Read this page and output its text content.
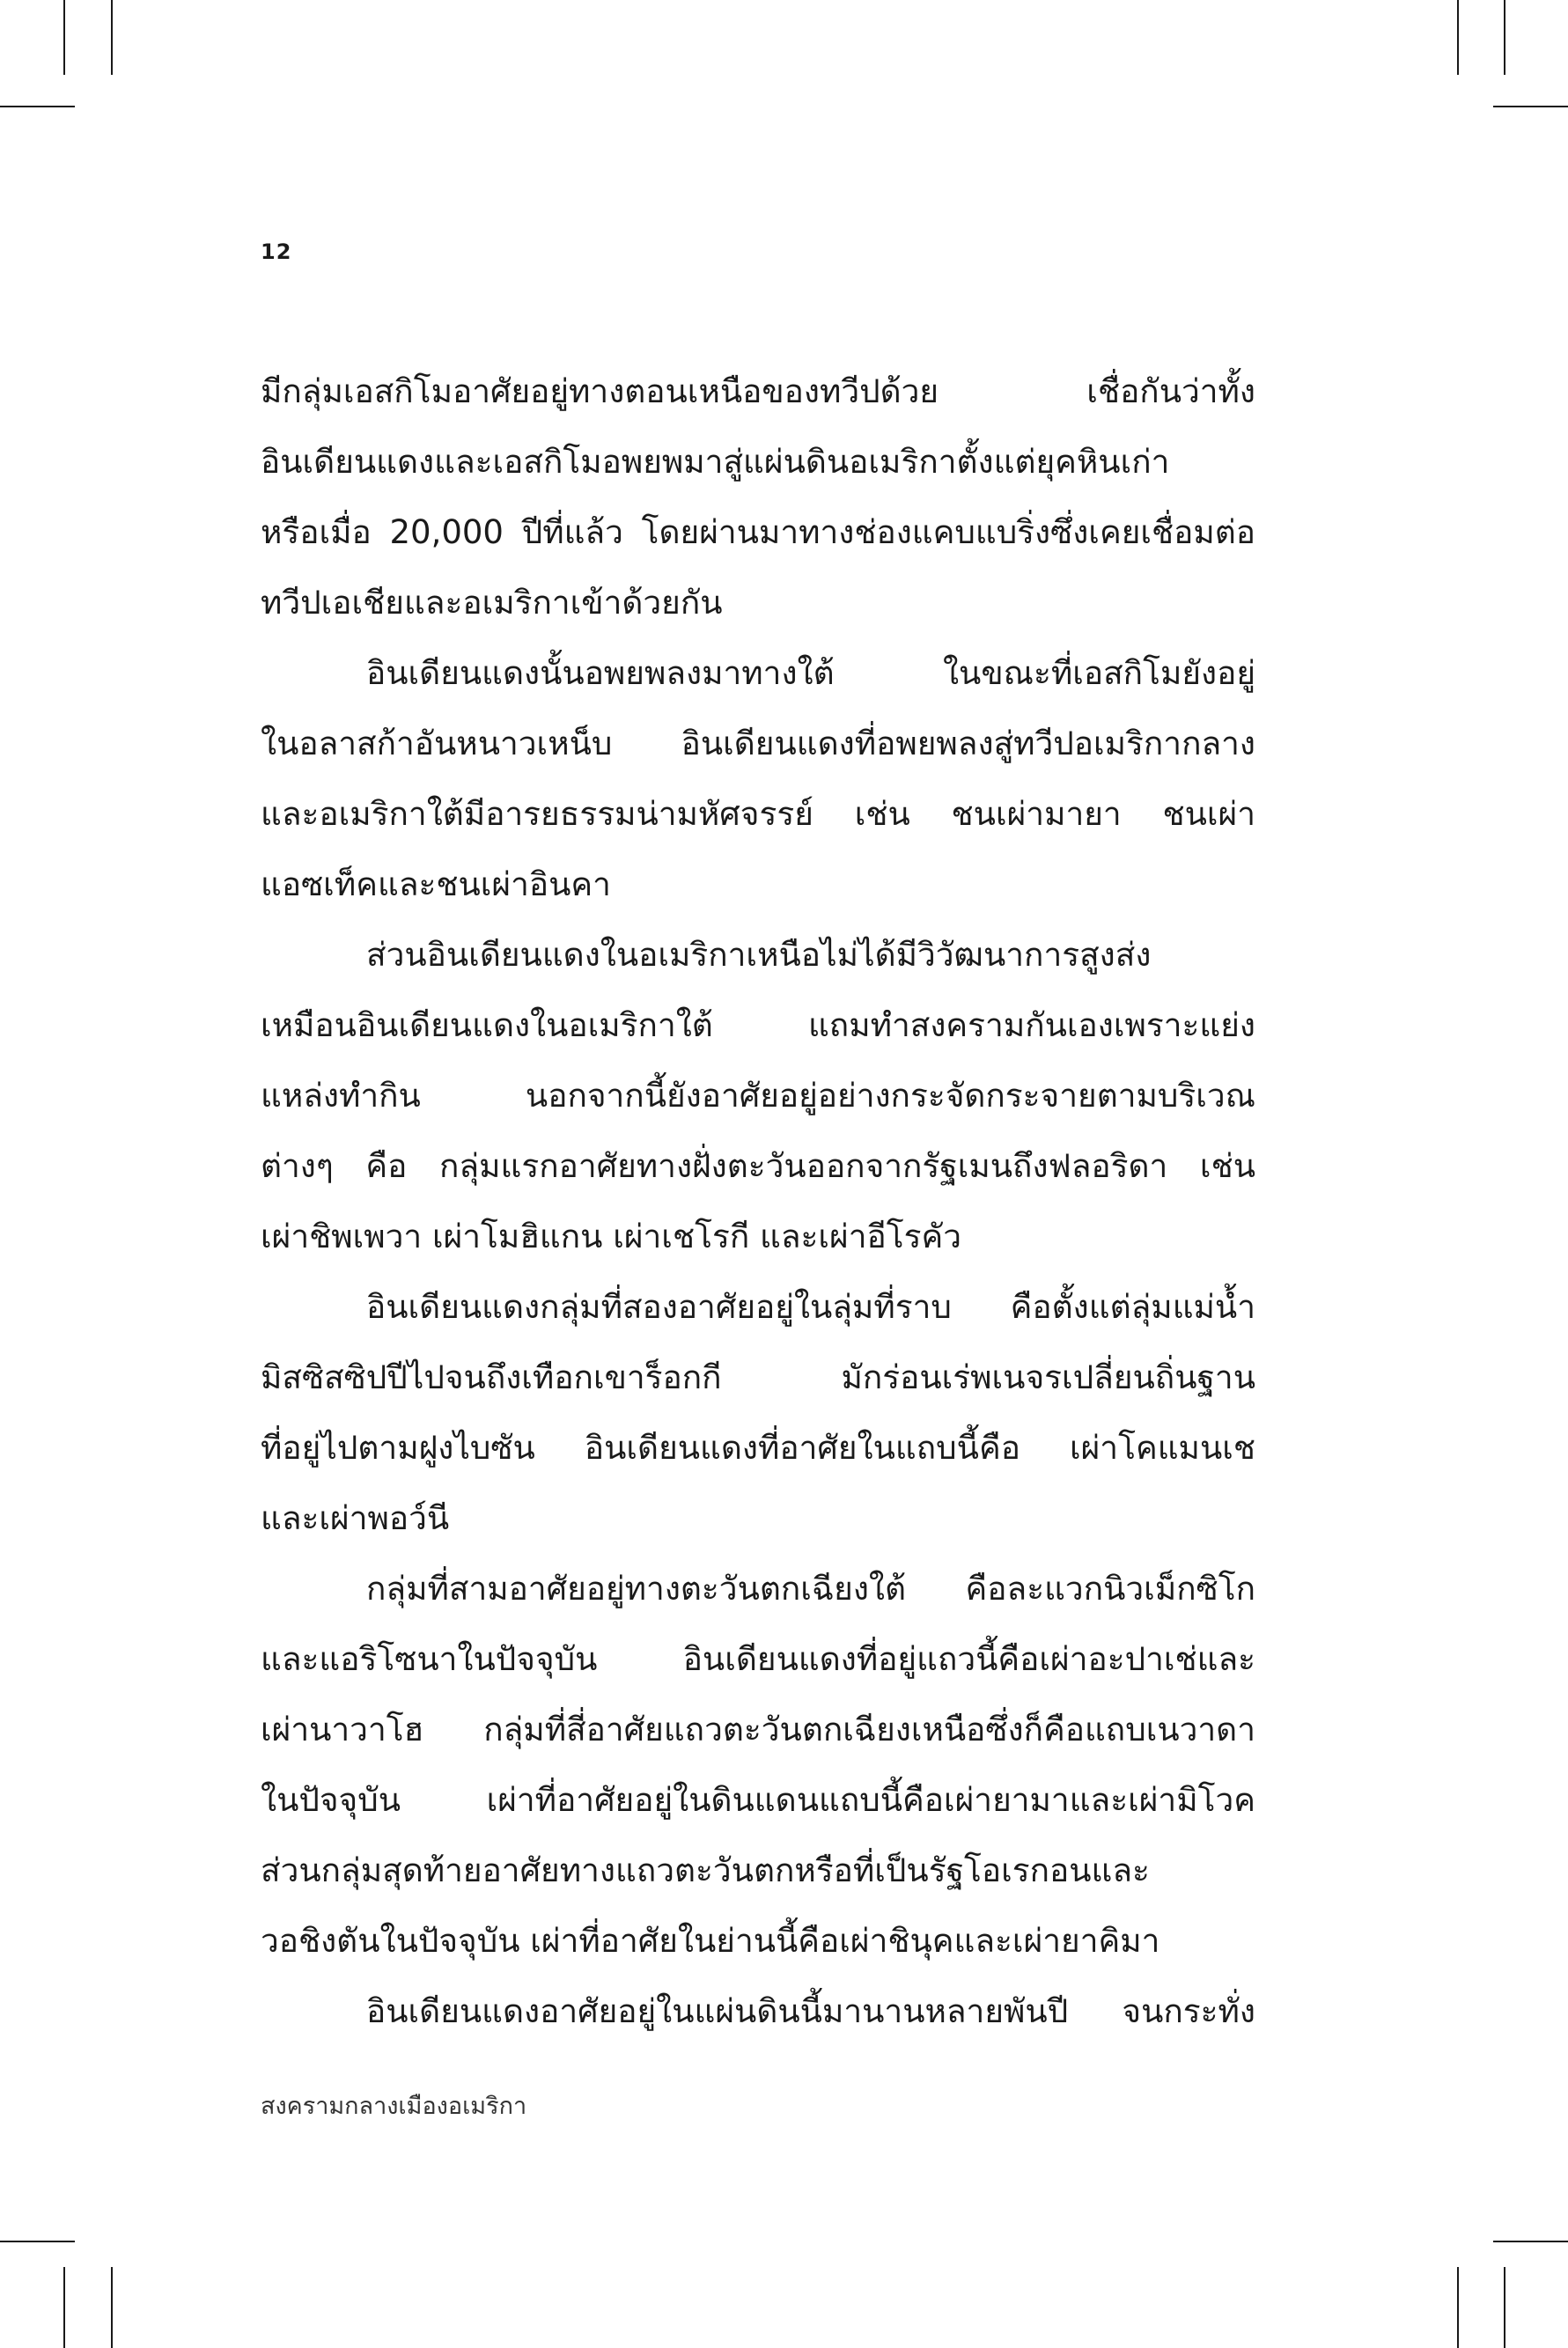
12
มีกลุ่มเอสกิโมอาศัยอยู่ทางตอนเหนือของทวีปด้วย เชื่อกันว่าทั้ง
อินเดียนแดงและเอสกิโมอพยพมาสู่แผ่นดินอเมริกาตั้งแต่ยุคหินเก่า
หรือเมื่อ 20,000 ปีที่แล้ว โดยผ่านมาทางช่องแคบแบริ่งซึ่งเคยเชื่อมต่อ
ทวีปเอเชียและอเมริกาเข้าด้วยกัน
อินเดียนแดงนั้นอพยพลงมาทางใต้ ในขณะที่เอสกิโมยังอยู่
ในอลาสก้าอันหนาวเหน็บ อินเดียนแดงที่อพยพลงสู่ทวีปอเมริกากลาง
และอเมริกาใต้มีอารยธรรมน่ามหัศจรรย์ เช่น ชนเผ่ามายา ชนเผ่า
แอซเท็คและชนเผ่าอินคา
ส่วนอินเดียนแดงในอเมริกาเหนือไม่ได้มีวิวัฒนาการสูงส่ง
เหมือนอินเดียนแดงในอเมริกาใต้ แถมทำสงครามกันเองเพราะแย่ง
แหล่งทำกิน นอกจากนี้ยังอาศัยอยู่อย่างกระจัดกระจายตามบริเวณ
ต่างๆ คือ กลุ่มแรกอาศัยทางฝั่งตะวันออกจากรัฐเมนถึงฟลอริดา เช่น
เผ่าชิพเพวา เผ่าโมฮิแกน เผ่าเชโรกี และเผ่าอีโรคัว
อินเดียนแดงกลุ่มที่สองอาศัยอยู่ในลุ่มที่ราบ คือตั้งแต่ลุ่มแม่น้ำ
มิสซิสซิปปีไปจนถึงเทือกเขาร็อกกี มักร่อนเร่พเนจรเปลี่ยนถิ่นฐาน
ที่อยู่ไปตามฝูงไบซัน อินเดียนแดงที่อาศัยในแถบนี้คือ เผ่าโคแมนเช
และเผ่าพอว์นี
กลุ่มที่สามอาศัยอยู่ทางตะวันตกเฉียงใต้ คือละแวกนิวเม็กซิโก
และแอริโซนาในปัจจุบัน อินเดียนแดงที่อยู่แถวนี้คือเผ่าอะปาเช่และ
เผ่านาวาโฮ กลุ่มที่สี่อาศัยแถวตะวันตกเฉียงเหนือซึ่งก็คือแถบเนวาดา
ในปัจจุบัน เผ่าที่อาศัยอยู่ในดินแดนแถบนี้คือเผ่ายามาและเผ่ามิโวค
ส่วนกลุ่มสุดท้ายอาศัยทางแถวตะวันตกหรือที่เป็นรัฐโอเรกอนและ
วอชิงตันในปัจจุบัน เผ่าที่อาศัยในย่านนี้คือเผ่าชินุคและเผ่ายาคิมา
อินเดียนแดงอาศัยอยู่ในแผ่นดินนี้มานานหลายพันปี จนกระทั่ง
สงครามกลางเมืองอเมริกา
